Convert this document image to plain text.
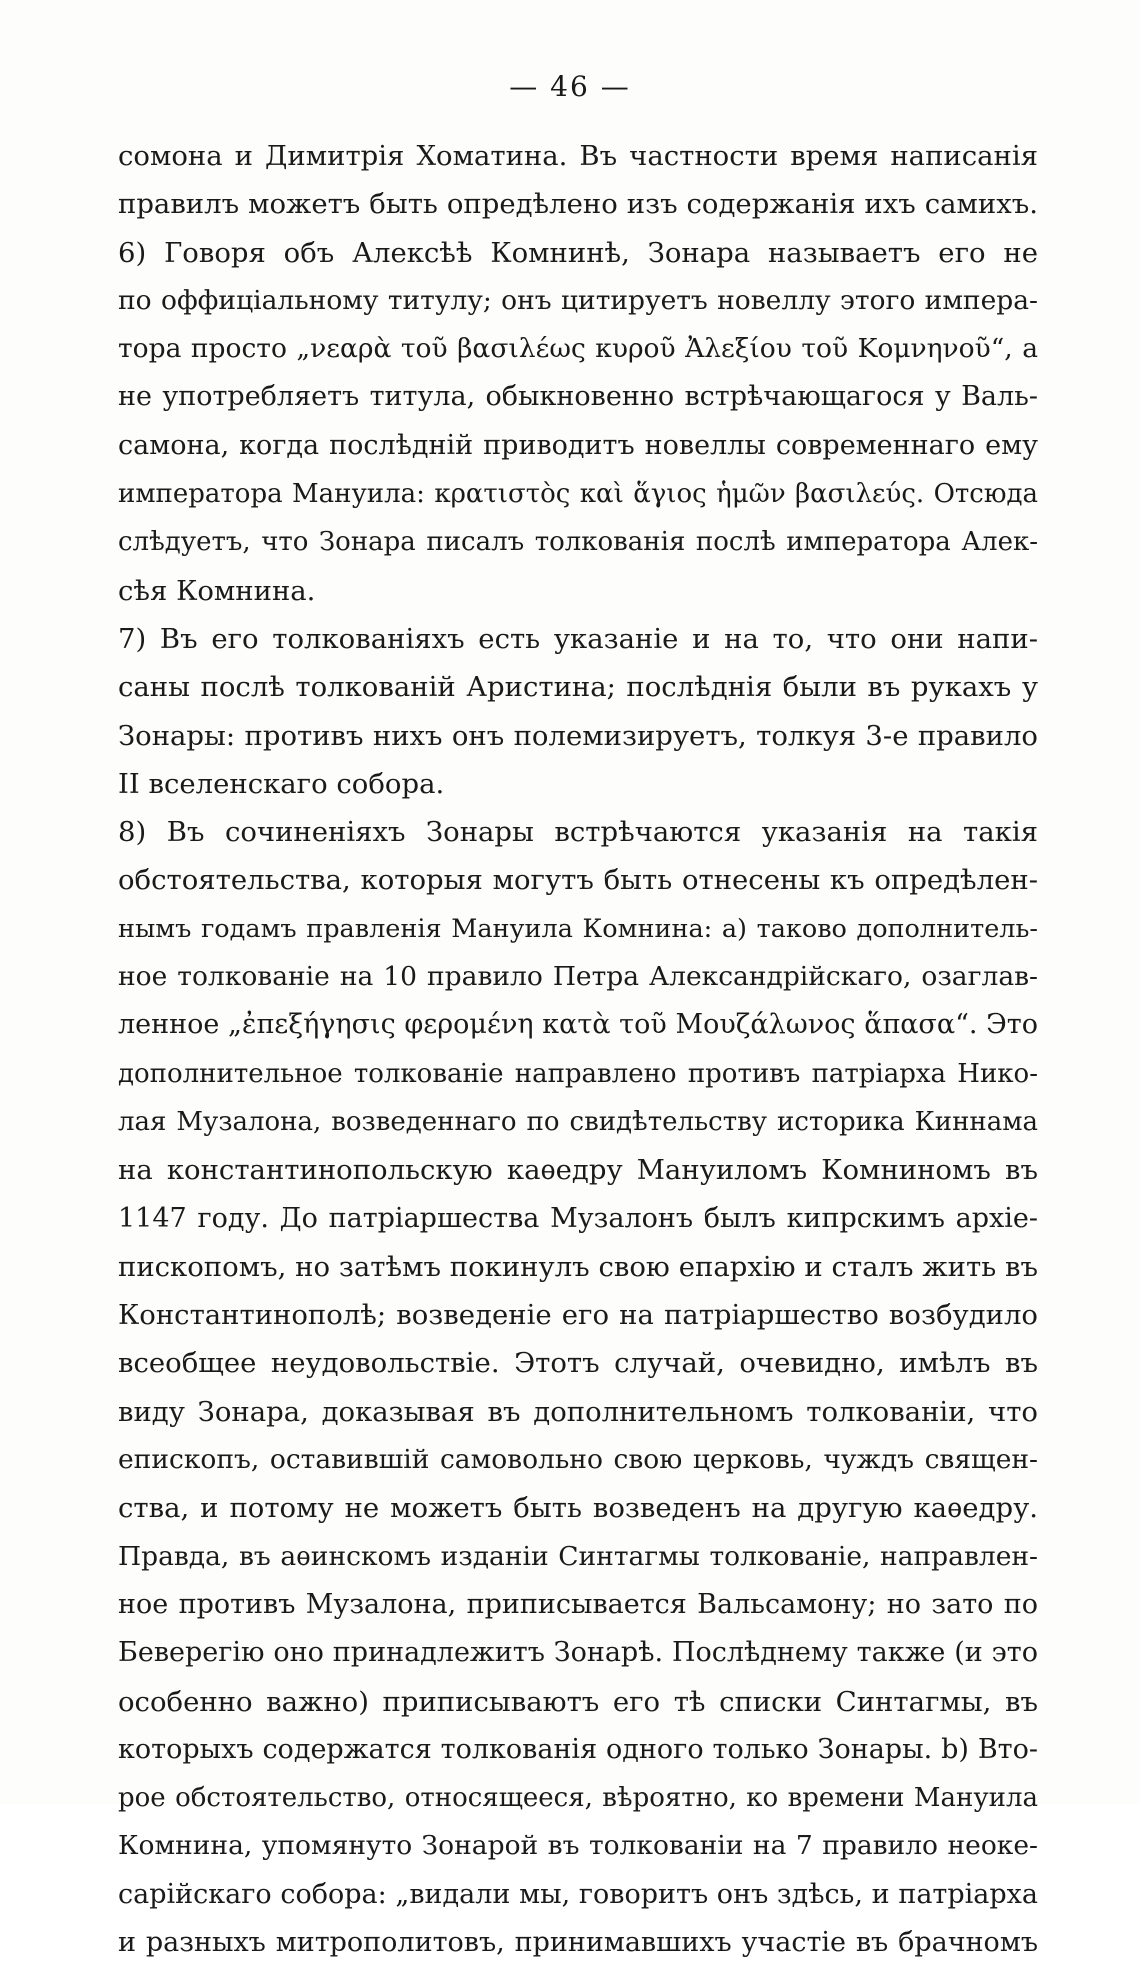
— 46 —
сомона и Димитрія Хоматина. Въ частности время написанія
правилъ можетъ быть опредѣлено изъ содержанія ихъ самихъ.
6) Говоря объ Алексѣѣ Комнинѣ, Зонара называетъ его не
по оффиціальному титулу; онъ цитируетъ новеллу этого импера-
тора просто „νεαρὰ τοῦ βασιλέως κυροῦ Ἀλεξίου τοῦ Κομνηνοῦ“, а
не употребляетъ титула, обыкновенно встрѣчающагося у Валь-
самона, когда послѣдній приводитъ новеллы современнаго ему
императора Мануила: κρατιστὸς καὶ ἅγιος ἡμῶν βασιλεύς. Отсюда
слѣдуетъ, что Зонара писалъ толкованія послѣ императора Алек-
сѣя Комнина.
7) Въ его толкованіяхъ есть указаніе и на то, что они напи-
саны послѣ толкованій Аристина; послѣднія были въ рукахъ у
Зонары: противъ нихъ онъ полемизируетъ, толкуя 3-е правило
II вселенскаго собора.
8) Въ сочиненіяхъ Зонары встрѣчаются указанія на такія
обстоятельства, которыя могутъ быть отнесены къ опредѣлен-
нымъ годамъ правленія Мануила Комнина: а) таково дополнитель-
ное толкованіе на 10 правило Петра Александрійскаго, озаглав-
ленное „ἐπεξήγησις φερομένη κατὰ τοῦ Μουζάλωνος ἅπασα“. Это
дополнительное толкованіе направлено противъ патріарха Нико-
лая Музалона, возведеннаго по свидѣтельству историка Киннама
на константинопольскую каѳедру Мануиломъ Комниномъ въ
1147 году. До патріаршества Музалонъ былъ кипрскимъ архіе-
пископомъ, но затѣмъ покинулъ свою епархію и сталъ жить въ
Константинополѣ; возведеніе его на патріаршество возбудило
всеобщее неудовольствіе. Этотъ случай, очевидно, имѣлъ въ
виду Зонара, доказывая въ дополнительномъ толкованіи, что
епископъ, оставившій самовольно свою церковь, чуждъ священ-
ства, и потому не можетъ быть возведенъ на другую каѳедру.
Правда, въ аѳинскомъ изданіи Синтагмы толкованіе, направлен-
ное противъ Музалона, приписывается Вальсамону; но зато по
Беверегію оно принадлежитъ Зонарѣ. Послѣднему также (и это
особенно важно) приписываютъ его тѣ списки Синтагмы, въ
которыхъ содержатся толкованія одного только Зонары. b) Вто-
рое обстоятельство, относящееся, вѣроятно, ко времени Мануила
Комнина, упомянуто Зонарой въ толкованіи на 7 правило неоке-
сарійскаго собора: „видали мы, говоритъ онъ здѣсь, и патріарха
и разныхъ митрополитовъ, принимавшихъ участіе въ брачномъ
